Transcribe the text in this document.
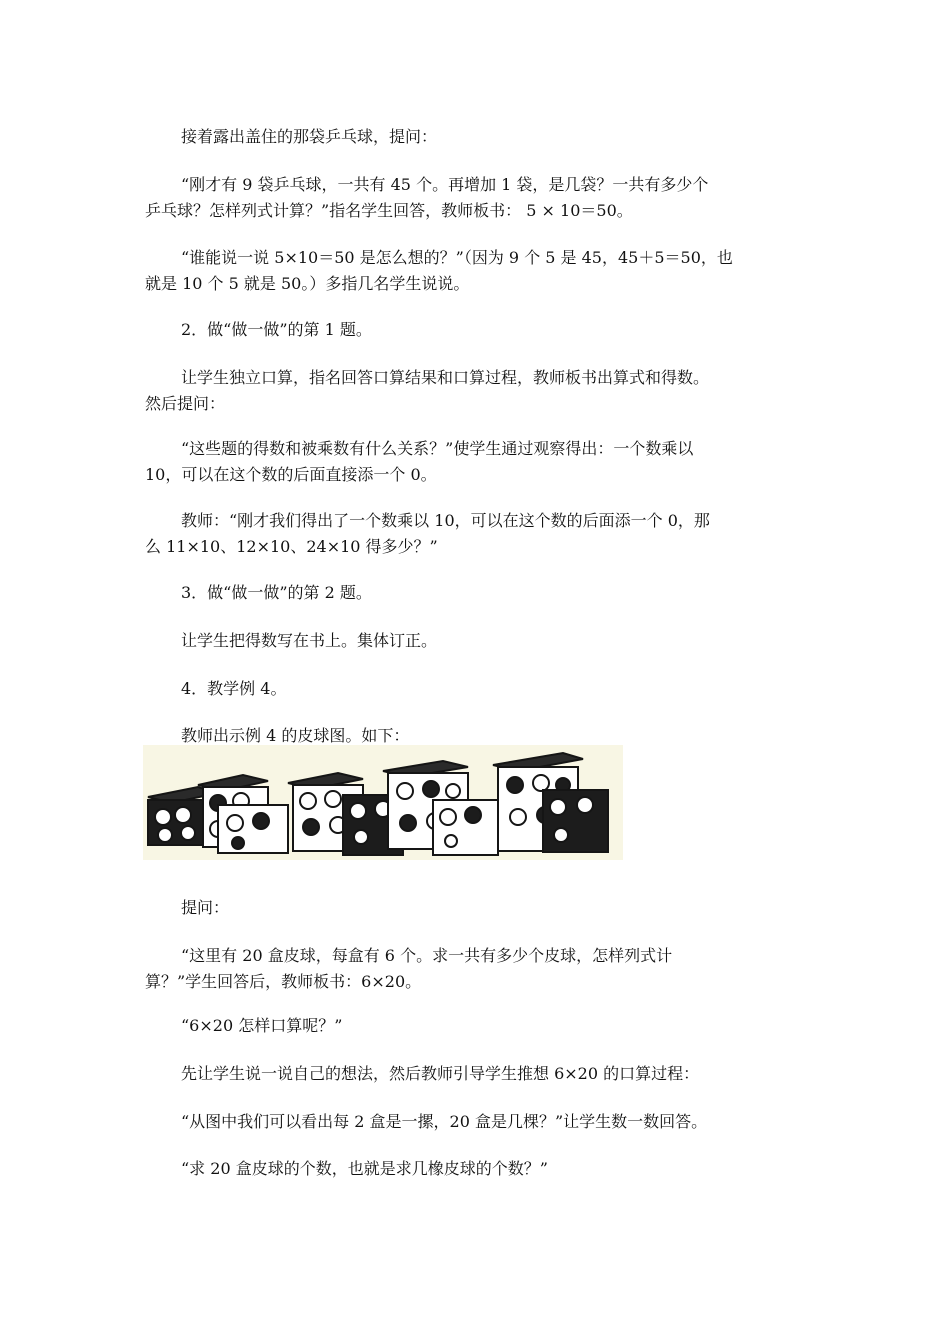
接着露出盖住的那袋乒乓球，提问：

“刚才有 9 袋乒乓球，一共有 45 个。再增加 1 袋，是几袋？一共有多少个
乒乓球？怎样列式计算？”指名学生回答，教师板书： 5 × 10＝50。

“谁能说一说 5×10＝50 是怎么想的？”（因为 9 个 5 是 45，45＋5＝50，也
就是 10 个 5 就是 50。）多指几名学生说说。

2．做“做一做”的第 1 题。

让学生独立口算，指名回答口算结果和口算过程，教师板书出算式和得数。
然后提问：

“这些题的得数和被乘数有什么关系？”使学生通过观察得出：一个数乘以
10，可以在这个数的后面直接添一个 0。

教师：“刚才我们得出了一个数乘以 10，可以在这个数的后面添一个 0，那
么 11×10、12×10、24×10 得多少？”

3．做“做一做”的第 2 题。

让学生把得数写在书上。集体订正。

4．教学例 4。

教师出示例 4 的皮球图。如下：

提问：

“这里有 20 盒皮球，每盒有 6 个。求一共有多少个皮球，怎样列式计
算？”学生回答后，教师板书：6×20。

“6×20 怎样口算呢？”

先让学生说一说自己的想法，然后教师引导学生推想 6×20 的口算过程：

“从图中我们可以看出每 2 盒是一摞，20 盒是几棵？”让学生数一数回答。

“求 20 盒皮球的个数，也就是求几橡皮球的个数？”
